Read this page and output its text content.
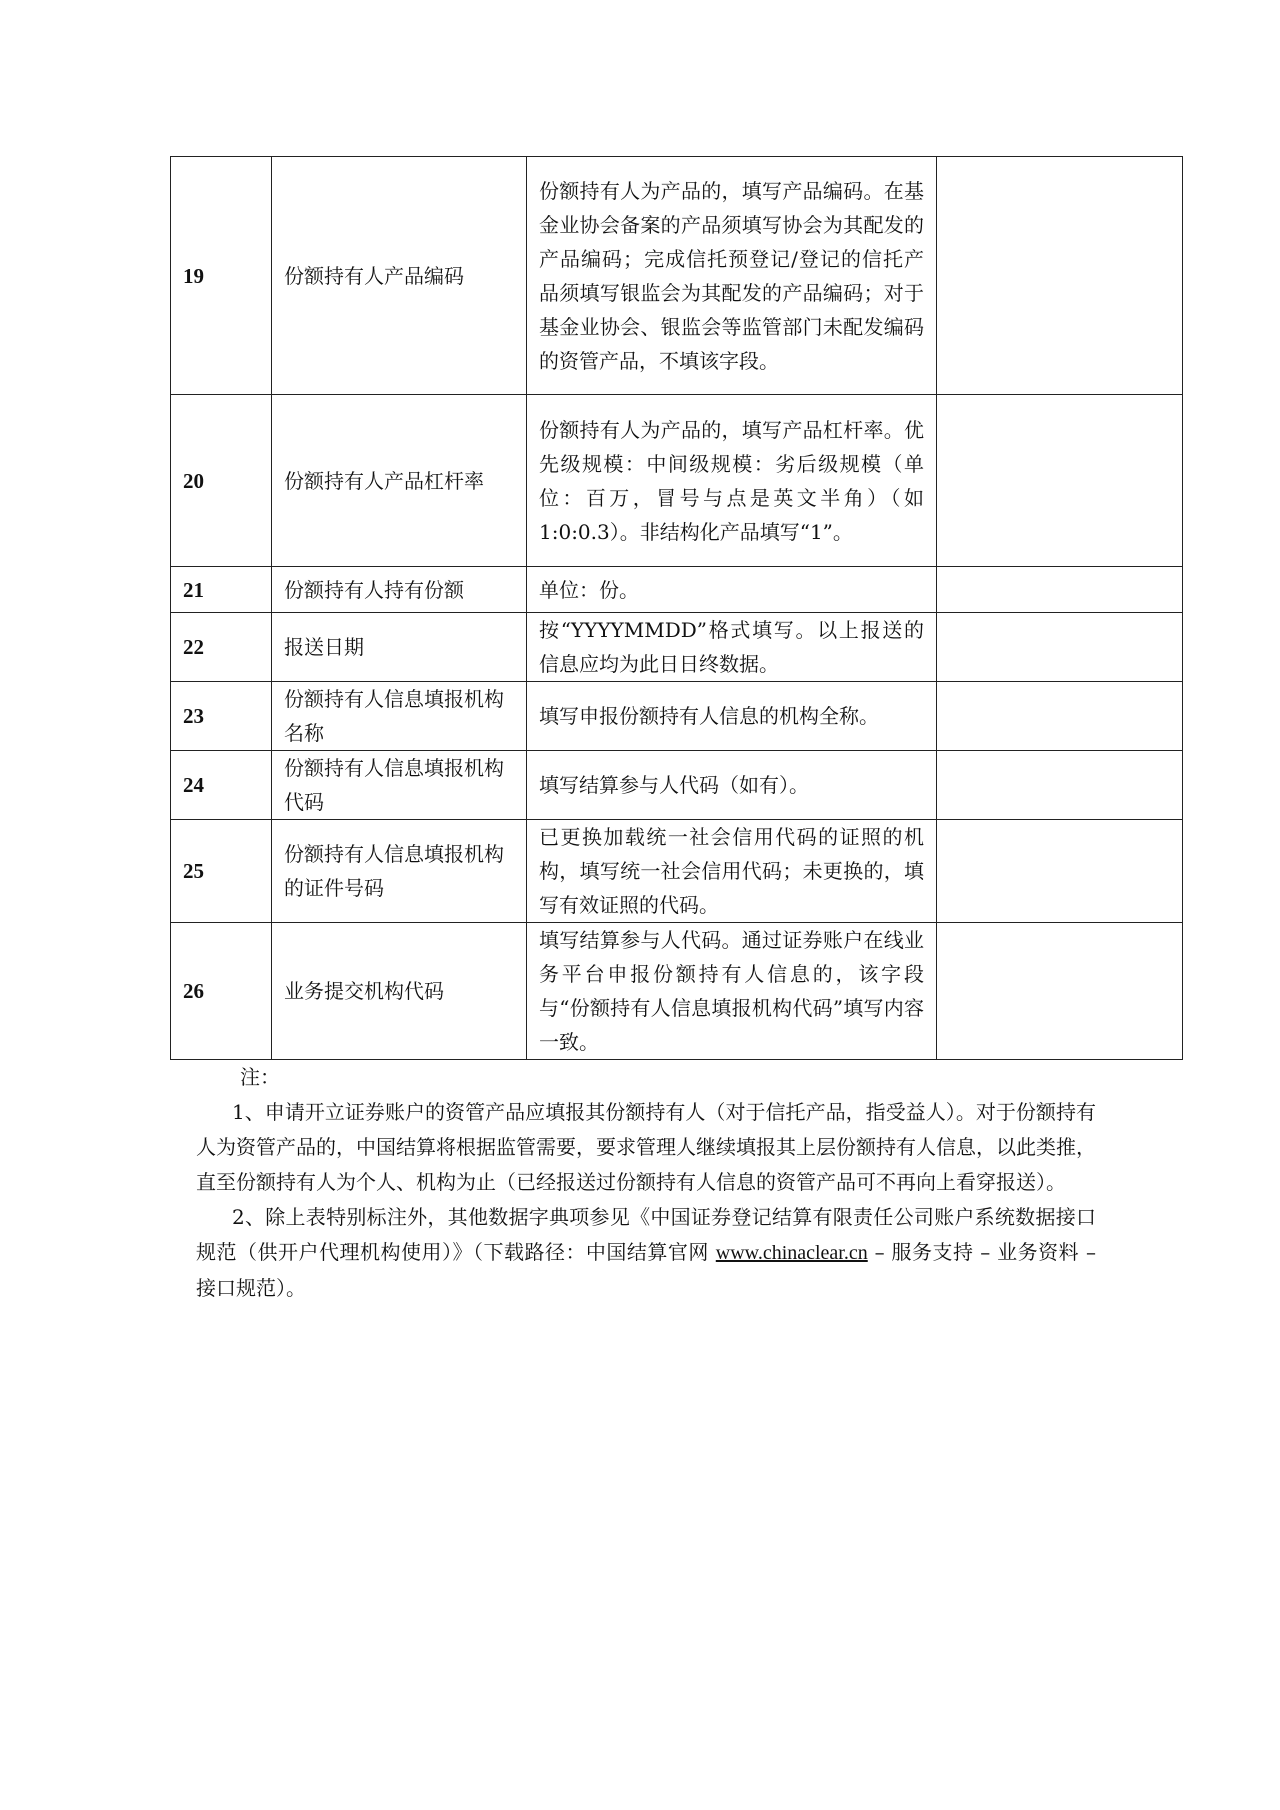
19	份额持有人产品编码	份额持有人为产品的，填写产品编码。在基金业协会备案的产品须填写协会为其配发的产品编码；完成信托预登记/登记的信托产品须填写银监会为其配发的产品编码；对于基金业协会、银监会等监管部门未配发编码的资管产品，不填该字段。	

20	份额持有人产品杠杆率	份额持有人为产品的，填写产品杠杆率。优先级规模：中间级规模：劣后级规模（单位：百万，冒号与点是英文半角）（如 1:0:0.3）。非结构化产品填写“1”。	

21	份额持有人持有份额	单位：份。	

22	报送日期	按“YYYYMMDD”格式填写。以上报送的信息应均为此日日终数据。	

23	份额持有人信息填报机构名称	填写申报份额持有人信息的机构全称。	

24	份额持有人信息填报机构代码	填写结算参与人代码（如有）。	

25	份额持有人信息填报机构的证件号码	已更换加载统一社会信用代码的证照的机构，填写统一社会信用代码；未更换的，填写有效证照的代码。	

26	业务提交机构代码	填写结算参与人代码。通过证券账户在线业务平台申报份额持有人信息的，该字段与“份额持有人信息填报机构代码”填写内容一致。	

注：

1、申请开立证券账户的资管产品应填报其份额持有人（对于信托产品，指受益人）。对于份额持有人为资管产品的，中国结算将根据监管需要，要求管理人继续填报其上层份额持有人信息，以此类推，直至份额持有人为个人、机构为止（已经报送过份额持有人信息的资管产品可不再向上看穿报送）。

2、除上表特别标注外，其他数据字典项参见《中国证券登记结算有限责任公司账户系统数据接口规范（供开户代理机构使用）》（下载路径：中国结算官网 www.chinaclear.cn – 服务支持 – 业务资料 – 接口规范）。
